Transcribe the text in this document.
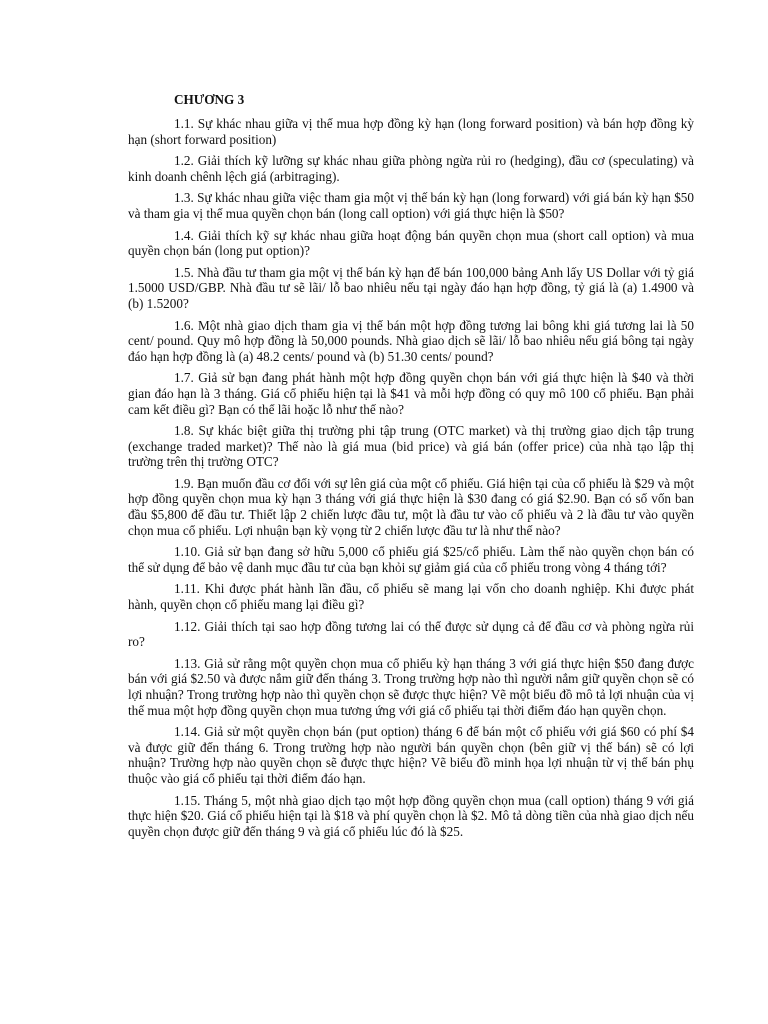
CHƯƠNG 3

1.1. Sự khác nhau giữa vị thế mua hợp đồng kỳ hạn (long forward position) và bán hợp đồng kỳ hạn (short forward position)

1.2. Giải thích kỹ lưỡng sự khác nhau giữa phòng ngừa rủi ro (hedging), đầu cơ (speculating) và kinh doanh chênh lệch giá (arbitraging).

1.3. Sự khác nhau giữa việc tham gia một vị thế bán kỳ hạn (long forward) với giá bán kỳ hạn $50 và tham gia vị thế mua quyền chọn bán (long call option) với giá thực hiện là $50?

1.4. Giải thích kỹ sự khác nhau giữa hoạt động bán quyền chọn mua (short call option) và mua quyền chọn bán (long put option)?

1.5. Nhà đầu tư tham gia một vị thế bán kỳ hạn để bán 100,000 bảng Anh lấy US Dollar với tỷ giá 1.5000 USD/GBP. Nhà đầu tư sẽ lãi/ lỗ bao nhiêu nếu tại ngày đáo hạn hợp đồng, tỷ giá là (a) 1.4900 và (b) 1.5200?

1.6. Một nhà giao dịch tham gia vị thế bán một hợp đồng tương lai bông khi giá tương lai là 50 cent/ pound. Quy mô hợp đồng là 50,000 pounds. Nhà giao dịch sẽ lãi/ lỗ bao nhiêu nếu giá bông tại ngày đáo hạn hợp đồng là (a) 48.2 cents/ pound và (b) 51.30 cents/ pound?

1.7. Giả sử bạn đang phát hành một hợp đồng quyền chọn bán với giá thực hiện là $40 và thời gian đáo hạn là 3 tháng. Giá cổ phiếu hiện tại là $41 và mỗi hợp đồng có quy mô 100 cổ phiếu. Bạn phải cam kết điều gì? Bạn có thể lãi hoặc lỗ như thế nào?

1.8. Sự khác biệt giữa thị trường phi tập trung (OTC market) và thị trường giao dịch tập trung (exchange traded market)? Thế nào là giá mua (bid price) và giá bán (offer price) của nhà tạo lập thị trường trên thị trường OTC?

1.9. Bạn muốn đầu cơ đối với sự lên giá của một cổ phiếu. Giá hiện tại của cổ phiếu là $29 và một hợp đồng quyền chọn mua kỳ hạn 3 tháng với giá thực hiện là $30 đang có giá $2.90. Bạn có số vốn ban đầu $5,800 để đầu tư. Thiết lập 2 chiến lược đầu tư, một là đầu tư vào cổ phiếu và 2 là đầu tư vào quyền chọn mua cổ phiếu. Lợi nhuận bạn kỳ vọng từ 2 chiến lược đầu tư là như thế nào?

1.10. Giả sử bạn đang sở hữu 5,000 cổ phiếu giá $25/cổ phiếu. Làm thế nào quyền chọn bán có thể sử dụng để bảo vệ danh mục đầu tư của bạn khỏi sự giảm giá của cổ phiếu trong vòng 4 tháng tới?

1.11. Khi được phát hành lần đầu, cổ phiếu sẽ mang lại vốn cho doanh nghiệp. Khi được phát hành, quyền chọn cổ phiếu mang lại điều gì?

1.12. Giải thích tại sao hợp đồng tương lai có thể được sử dụng cả để đầu cơ và phòng ngừa rủi ro?

1.13. Giả sử rằng một quyền chọn mua cổ phiếu kỳ hạn tháng 3 với giá thực hiện $50 đang được bán với giá $2.50 và được nắm giữ đến tháng 3. Trong trường hợp nào thì người nắm giữ quyền chọn sẽ có lợi nhuận? Trong trường hợp nào thì quyền chọn sẽ được thực hiện? Vẽ một biểu đồ mô tả lợi nhuận của vị thế mua một hợp đồng quyền chọn mua tương ứng với giá cổ phiếu tại thời điểm đáo hạn quyền chọn.

1.14. Giả sử một quyền chọn bán (put option) tháng 6 để bán một cổ phiếu với giá $60 có phí $4 và được giữ đến tháng 6. Trong trường hợp nào người bán quyền chọn (bên giữ vị thế bán) sẽ có lợi nhuận? Trường hợp nào quyền chọn sẽ được thực hiện? Vẽ biểu đồ minh họa lợi nhuận từ vị thế bán phụ thuộc vào giá cổ phiếu tại thời điểm đáo hạn.

1.15. Tháng 5, một nhà giao dịch tạo một hợp đồng quyền chọn mua (call option) tháng 9 với giá thực hiện $20. Giá cổ phiếu hiện tại là $18 và phí quyền chọn là $2. Mô tả dòng tiền của nhà giao dịch nếu quyền chọn được giữ đến tháng 9 và giá cổ phiếu lúc đó là $25.
